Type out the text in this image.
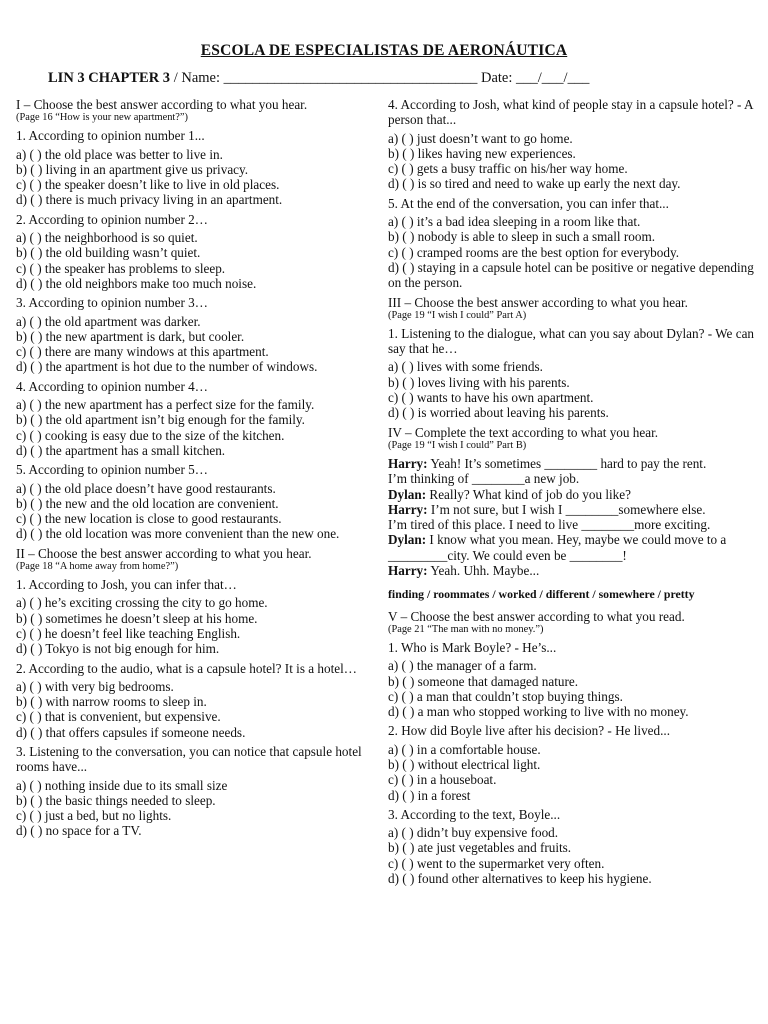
ESCOLA DE ESPECIALISTAS DE AERONÁUTICA
LIN 3 CHAPTER 3 / Name: ___________________________________ Date: ___/___/___
I – Choose the best answer according to what you hear.
(Page 16 “How is your new apartment?”)
1. According to opinion number 1...
a) ( ) the old place was better to live in.
b) ( ) living in an apartment give us privacy.
c) ( ) the speaker doesn’t like to live in old places.
d) ( ) there is much privacy living in an apartment.
2. According to opinion number 2…
a) ( ) the neighborhood is so quiet.
b) ( ) the old building wasn’t quiet.
c) ( ) the speaker has problems to sleep.
d) ( ) the old neighbors make too much noise.
3. According to opinion number 3…
a) ( ) the old apartment was darker.
b) ( ) the new apartment is dark, but cooler.
c) ( ) there are many windows at this apartment.
d) ( ) the apartment is hot due to the number of windows.
4. According to opinion number 4…
a) ( ) the new apartment has a perfect size for the family.
b) ( ) the old apartment isn’t big enough for the family.
c) ( ) cooking is easy due to the size of the kitchen.
d) ( ) the apartment has a small kitchen.
5. According to opinion number 5…
a) ( ) the old place doesn’t have good restaurants.
b) ( ) the new and the old location are convenient.
c) ( ) the new location is close to good restaurants.
d) ( ) the old location was more convenient than the new one.
II – Choose the best answer according to what you hear.
(Page 18 “A home away from home?”)
1. According to Josh, you can infer that…
a) ( ) he’s exciting crossing the city to go home.
b) ( ) sometimes he doesn’t sleep at his home.
c) ( ) he doesn’t feel like teaching English.
d) ( ) Tokyo is not big enough for him.
2. According to the audio, what is a capsule hotel? It is a hotel…
a) ( ) with very big bedrooms.
b) ( ) with narrow rooms to sleep in.
c) ( ) that is convenient, but expensive.
d) ( ) that offers capsules if someone needs.
3. Listening to the conversation, you can notice that capsule hotel rooms have...
a) ( ) nothing inside due to its small size
b) ( ) the basic things needed to sleep.
c) ( ) just a bed, but no lights.
d) ( ) no space for a TV.
4. According to Josh, what kind of people stay in a capsule hotel? - A person that...
a) ( ) just doesn’t want to go home.
b) ( ) likes having new experiences.
c) ( ) gets a busy traffic on his/her way home.
d) ( ) is so tired and need to wake up early the next day.
5. At the end of the conversation, you can infer that...
a) ( ) it’s a bad idea sleeping in a room like that.
b) ( ) nobody is able to sleep in such a small room.
c) ( ) cramped rooms are the best option for everybody.
d) ( ) staying in a capsule hotel can be positive or negative depending on the person.
III – Choose the best answer according to what you hear.
(Page 19 “I wish I could” Part A)
1. Listening to the dialogue, what can you say about Dylan? - We can say that he…
a) ( ) lives with some friends.
b) ( ) loves living with his parents.
c) ( ) wants to have his own apartment.
d) ( ) is worried about leaving his parents.
IV – Complete the text according to what you hear.
(Page 19 “I wish I could” Part B)

Harry: Yeah! It’s sometimes ________ hard to pay the rent.

I’m thinking of ________a new job.

Dylan: Really? What kind of job do you like?

Harry: I’m not sure, but I wish I ________somewhere else.

I’m tired of this place. I need to live ________more exciting.

Dylan: I know what you mean. Hey, maybe we could move to a _________city. We could even be ________!

Harry: Yeah. Uhh. Maybe...

finding / roommates / worked / different / somewhere / pretty
V – Choose the best answer according to what you read.
(Page 21 “The man with no money.”)
1. Who is Mark Boyle? - He’s...
a) ( ) the manager of a farm.
b) ( ) someone that damaged nature.
c) ( ) a man that couldn’t stop buying things.
d) ( ) a man who stopped working to live with no money.
2. How did Boyle live after his decision? - He lived...
a) ( ) in a comfortable house.
b) ( ) without electrical light.
c) ( ) in a houseboat.
d) ( ) in a forest
3. According to the text, Boyle...
a) ( ) didn’t buy expensive food.
b) ( ) ate just vegetables and fruits.
c) ( ) went to the supermarket very often.
d) ( ) found other alternatives to keep his hygiene.
